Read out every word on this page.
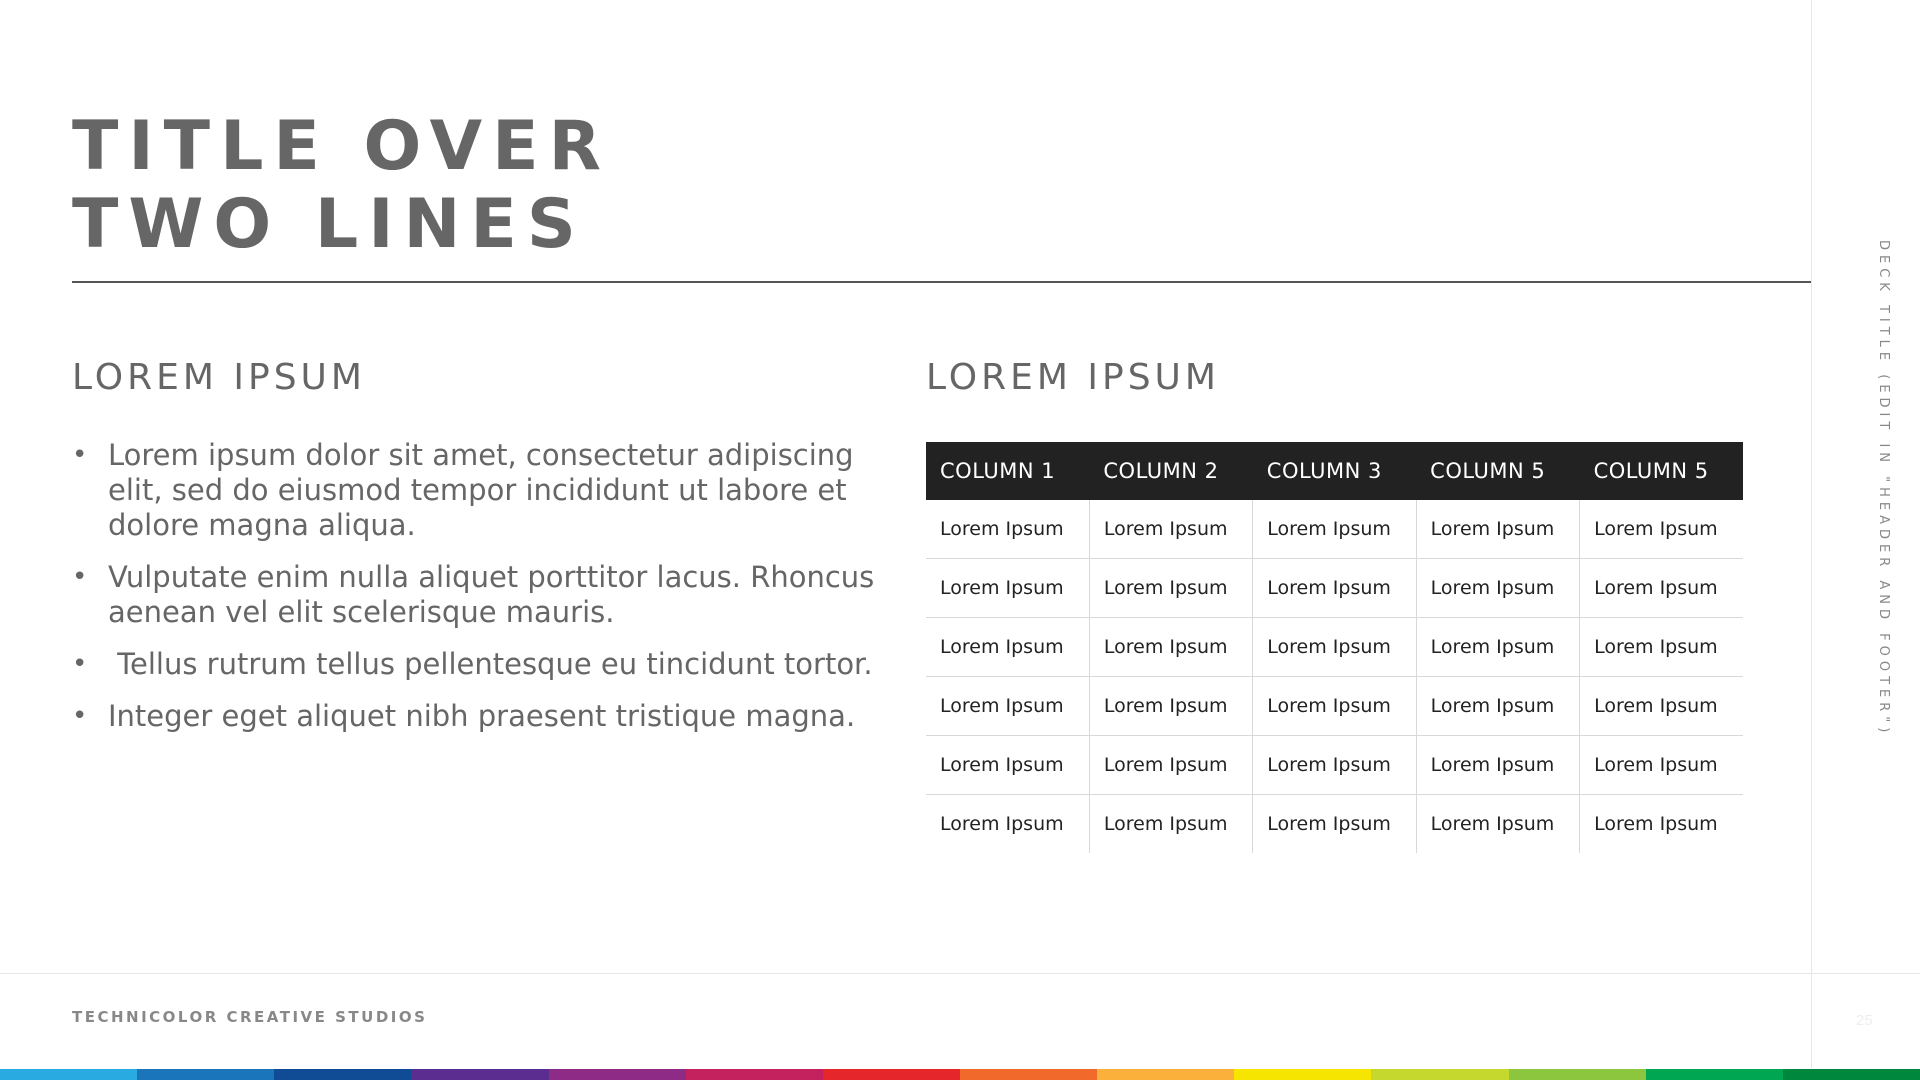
TITLE OVER
TWO LINES
DECK TITLE (EDIT IN "HEADER AND FOOTER")
LOREM IPSUM	LOREM IPSUM
• Lorem ipsum dolor sit amet, consectetur adipiscing elit, sed do eiusmod tempor incididunt ut labore et dolore magna aliqua.
• Vulputate enim nulla aliquet porttitor lacus. Rhoncus aenean vel elit scelerisque mauris.
• Tellus rutrum tellus pellentesque eu tincidunt tortor.
• Integer eget aliquet nibh praesent tristique magna.
COLUMN 1	COLUMN 2	COLUMN 3	COLUMN 5	COLUMN 5
Lorem Ipsum	Lorem Ipsum	Lorem Ipsum	Lorem Ipsum	Lorem Ipsum
Lorem Ipsum	Lorem Ipsum	Lorem Ipsum	Lorem Ipsum	Lorem Ipsum
Lorem Ipsum	Lorem Ipsum	Lorem Ipsum	Lorem Ipsum	Lorem Ipsum
Lorem Ipsum	Lorem Ipsum	Lorem Ipsum	Lorem Ipsum	Lorem Ipsum
Lorem Ipsum	Lorem Ipsum	Lorem Ipsum	Lorem Ipsum	Lorem Ipsum
Lorem Ipsum	Lorem Ipsum	Lorem Ipsum	Lorem Ipsum	Lorem Ipsum
TECHNICOLOR CREATIVE STUDIOS	25
